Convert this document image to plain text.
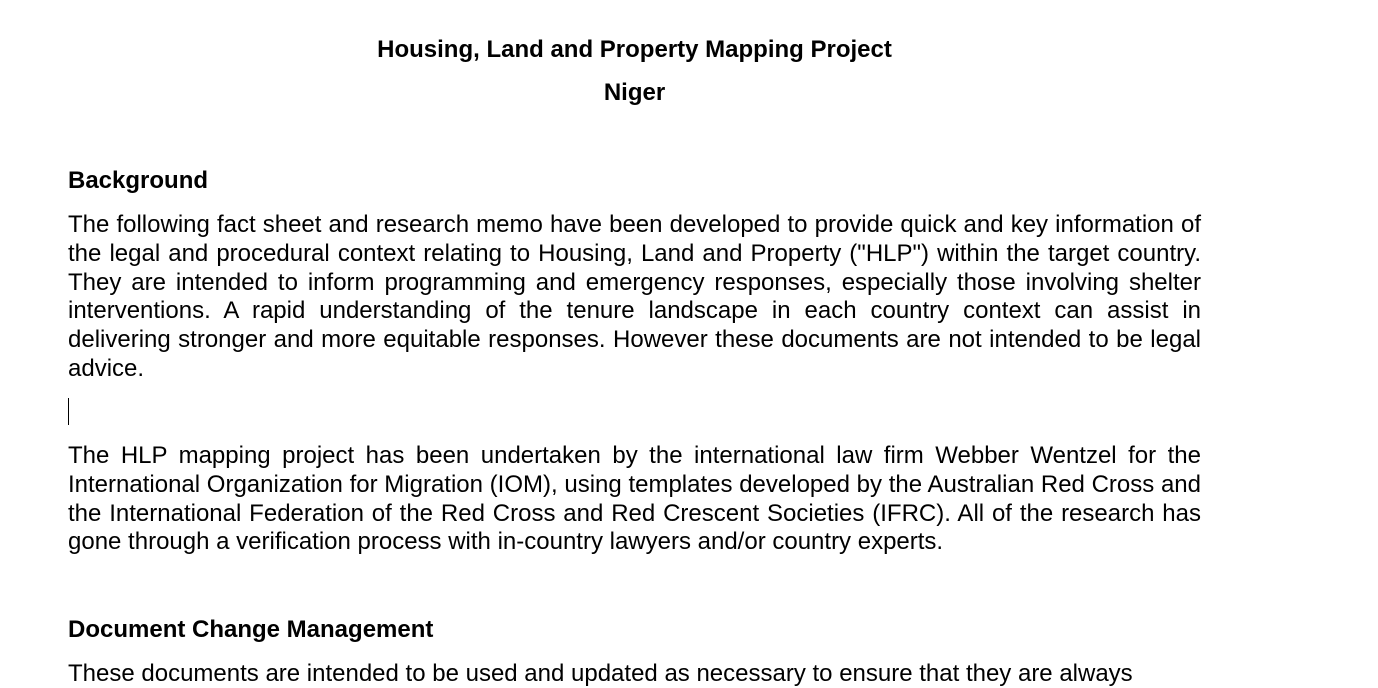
Housing, Land and Property Mapping Project
Niger
Background

The following fact sheet and research memo have been developed to provide quick and key information of the legal and procedural context relating to Housing, Land and Property ("HLP") within the target country. They are intended to inform programming and emergency responses, especially those involving shelter interventions. A rapid understanding of the tenure landscape in each country context can assist in delivering stronger and more equitable responses. However these documents are not intended to be legal advice.

The HLP mapping project has been undertaken by the international law firm Webber Wentzel for the International Organization for Migration (IOM), using templates developed by the Australian Red Cross and the International Federation of the Red Cross and Red Crescent Societies (IFRC). All of the research has gone through a verification process with in-country lawyers and/or country experts.

Document Change Management

These documents are intended to be used and updated as necessary to ensure that they are always
